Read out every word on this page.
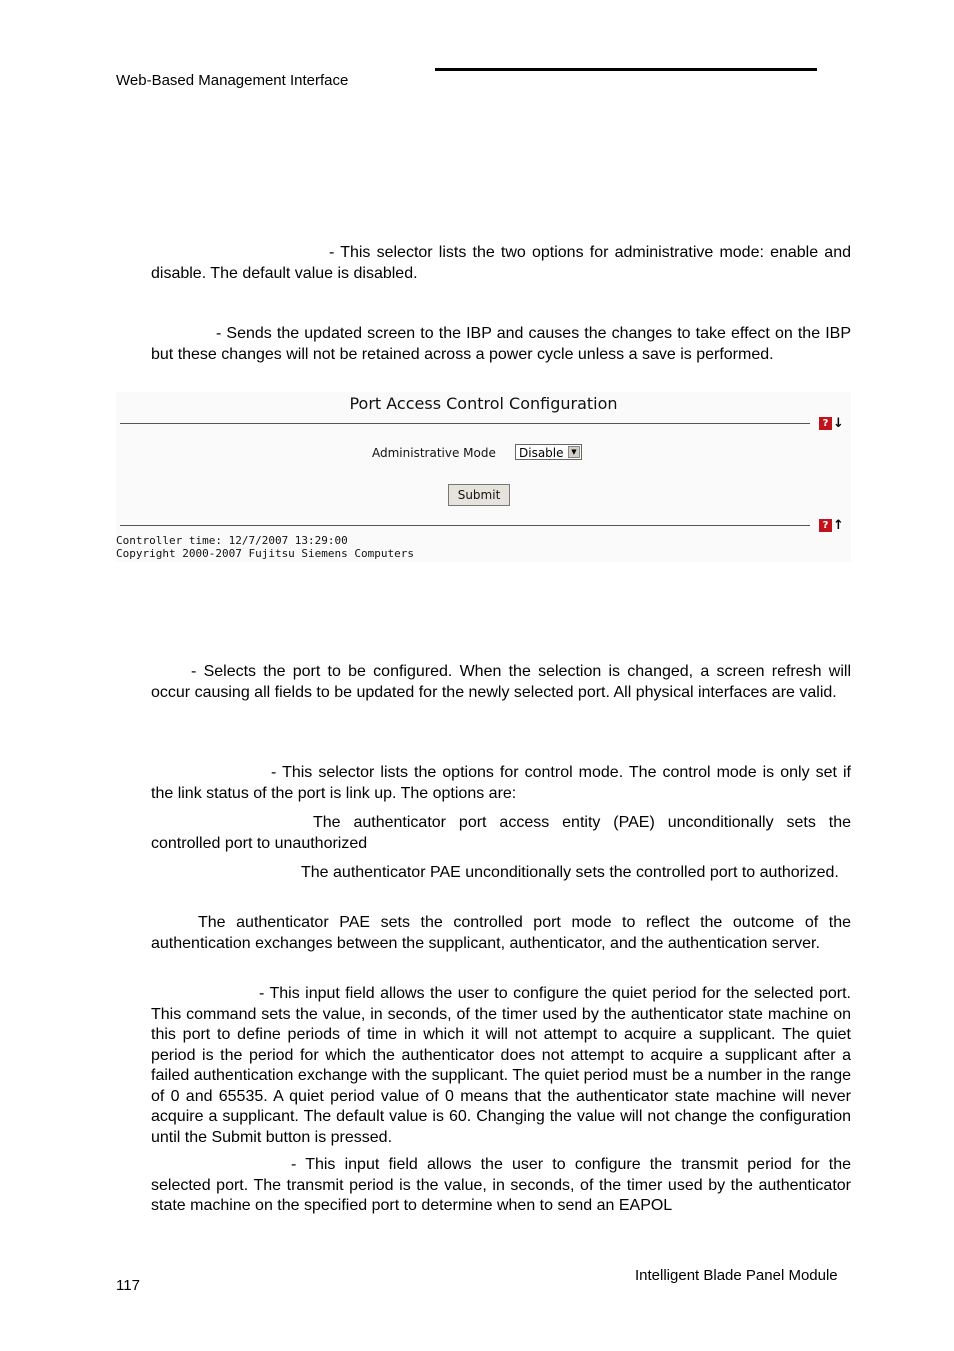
Web-Based Management Interface
- This selector lists the two options for administrative mode: enable and disable. The default value is disabled.
- Sends the updated screen to the IBP and causes the changes to take effect on the IBP but these changes will not be retained across a power cycle unless a save is performed.
Port Access Control Configuration
? ↓
Administrative Mode	Disable	▼
Submit
? ↑
Controller time: 12/7/2007 13:29:00
Copyright 2000-2007 Fujitsu Siemens Computers
- Selects the port to be configured. When the selection is changed, a screen refresh will occur causing all fields to be updated for the newly selected port. All physical interfaces are valid.
- This selector lists the options for control mode. The control mode is only set if the link status of the port is link up. The options are:
The authenticator port access entity (PAE) unconditionally sets the controlled port to unauthorized
The authenticator PAE unconditionally sets the controlled port to authorized.
The authenticator PAE sets the controlled port mode to reflect the outcome of the authentication exchanges between the supplicant, authenticator, and the authentication server.
- This input field allows the user to configure the quiet period for the selected port. This command sets the value, in seconds, of the timer used by the authenticator state machine on this port to define periods of time in which it will not attempt to acquire a supplicant. The quiet period is the period for which the authenticator does not attempt to acquire a supplicant after a failed authentication exchange with the supplicant. The quiet period must be a number in the range of 0 and 65535. A quiet period value of 0 means that the authenticator state machine will never acquire a supplicant. The default value is 60. Changing the value will not change the configuration until the Submit button is pressed.
- This input field allows the user to configure the transmit period for the selected port. The transmit period is the value, in seconds, of the timer used by the authenticator state machine on the specified port to determine when to send an EAPOL
117
Intelligent Blade Panel Module
